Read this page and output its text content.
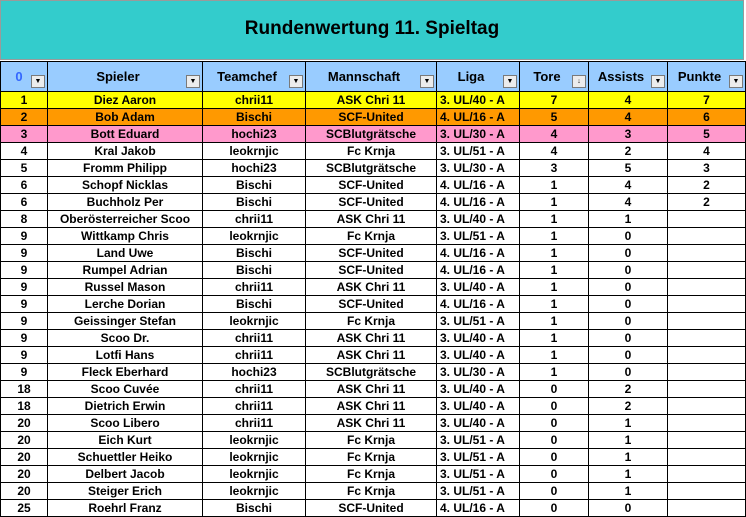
Rundenwertung 11. Spieltag
0 ▼	Spieler ▼	Teamchef ▼	Mannschaft ▼	Liga ▼	Tore ↓	Assists ▼	Punkte ▼

1	Diez Aaron	chrii11	ASK Chri 11	3. UL/40 - A	7	4	7
2	Bob Adam	Bischi	SCF-United	4. UL/16 - A	5	4	6
3	Bott Eduard	hochi23	SCBlutgrätsche	3. UL/30 - A	4	3	5
4	Kral Jakob	leokrnjic	Fc Krnja	3. UL/51 - A	4	2	4
5	Fromm Philipp	hochi23	SCBlutgrätsche	3. UL/30 - A	3	5	3
6	Schopf Nicklas	Bischi	SCF-United	4. UL/16 - A	1	4	2
6	Buchholz Per	Bischi	SCF-United	4. UL/16 - A	1	4	2
8	Oberösterreicher Scoo	chrii11	ASK Chri 11	3. UL/40 - A	1	1	
9	Wittkamp Chris	leokrnjic	Fc Krnja	3. UL/51 - A	1	0	
9	Land Uwe	Bischi	SCF-United	4. UL/16 - A	1	0	
9	Rumpel Adrian	Bischi	SCF-United	4. UL/16 - A	1	0	
9	Russel Mason	chrii11	ASK Chri 11	3. UL/40 - A	1	0	
9	Lerche Dorian	Bischi	SCF-United	4. UL/16 - A	1	0	
9	Geissinger Stefan	leokrnjic	Fc Krnja	3. UL/51 - A	1	0	
9	Scoo Dr.	chrii11	ASK Chri 11	3. UL/40 - A	1	0	
9	Lotfi Hans	chrii11	ASK Chri 11	3. UL/40 - A	1	0	
9	Fleck Eberhard	hochi23	SCBlutgrätsche	3. UL/30 - A	1	0	
18	Scoo Cuvée	chrii11	ASK Chri 11	3. UL/40 - A	0	2	
18	Dietrich Erwin	chrii11	ASK Chri 11	3. UL/40 - A	0	2	
20	Scoo Libero	chrii11	ASK Chri 11	3. UL/40 - A	0	1	
20	Eich Kurt	leokrnjic	Fc Krnja	3. UL/51 - A	0	1	
20	Schuettler Heiko	leokrnjic	Fc Krnja	3. UL/51 - A	0	1	
20	Delbert Jacob	leokrnjic	Fc Krnja	3. UL/51 - A	0	1	
20	Steiger Erich	leokrnjic	Fc Krnja	3. UL/51 - A	0	1	
25	Roehrl Franz	Bischi	SCF-United	4. UL/16 - A	0	0	
